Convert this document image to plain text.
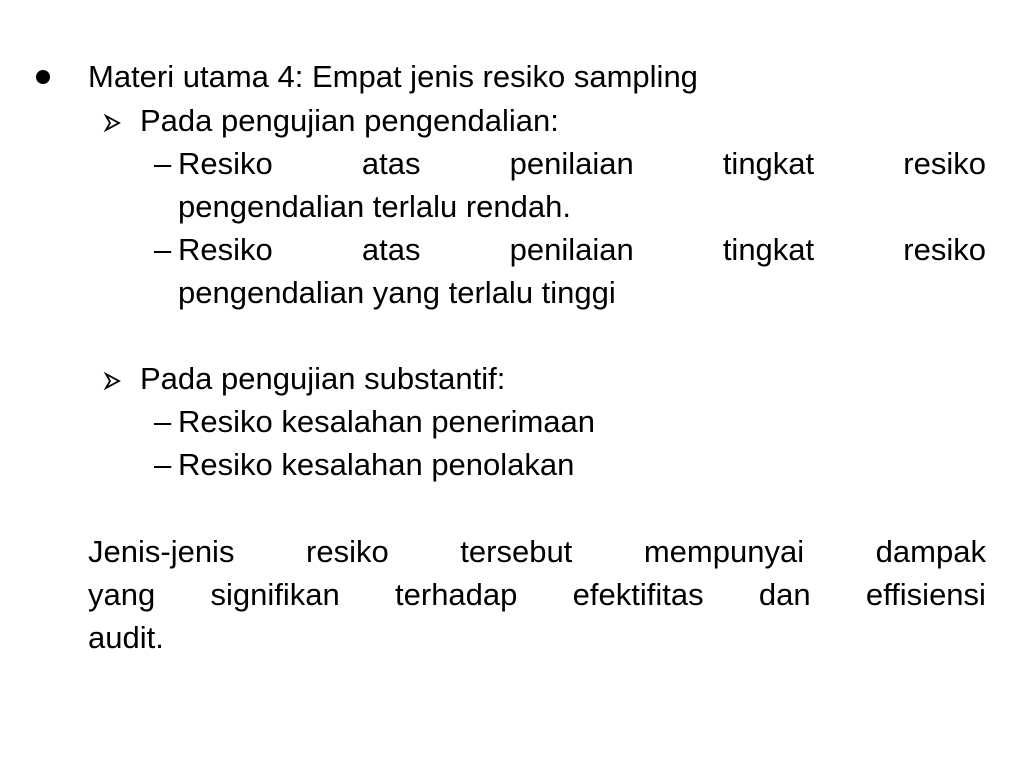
Materi utama 4: Empat jenis resiko sampling
Pada pengujian pengendalian:
– Resiko	atas	penilaian	tingkat	resiko
pengendalian terlalu rendah.
– Resiko	atas	penilaian	tingkat	resiko
pengendalian yang terlalu tinggi
Pada pengujian substantif:
– Resiko kesalahan penerimaan
– Resiko kesalahan penolakan
Jenis-jenis resiko tersebut mempunyai dampak
yang signifikan terhadap efektifitas dan effisiensi
audit.
